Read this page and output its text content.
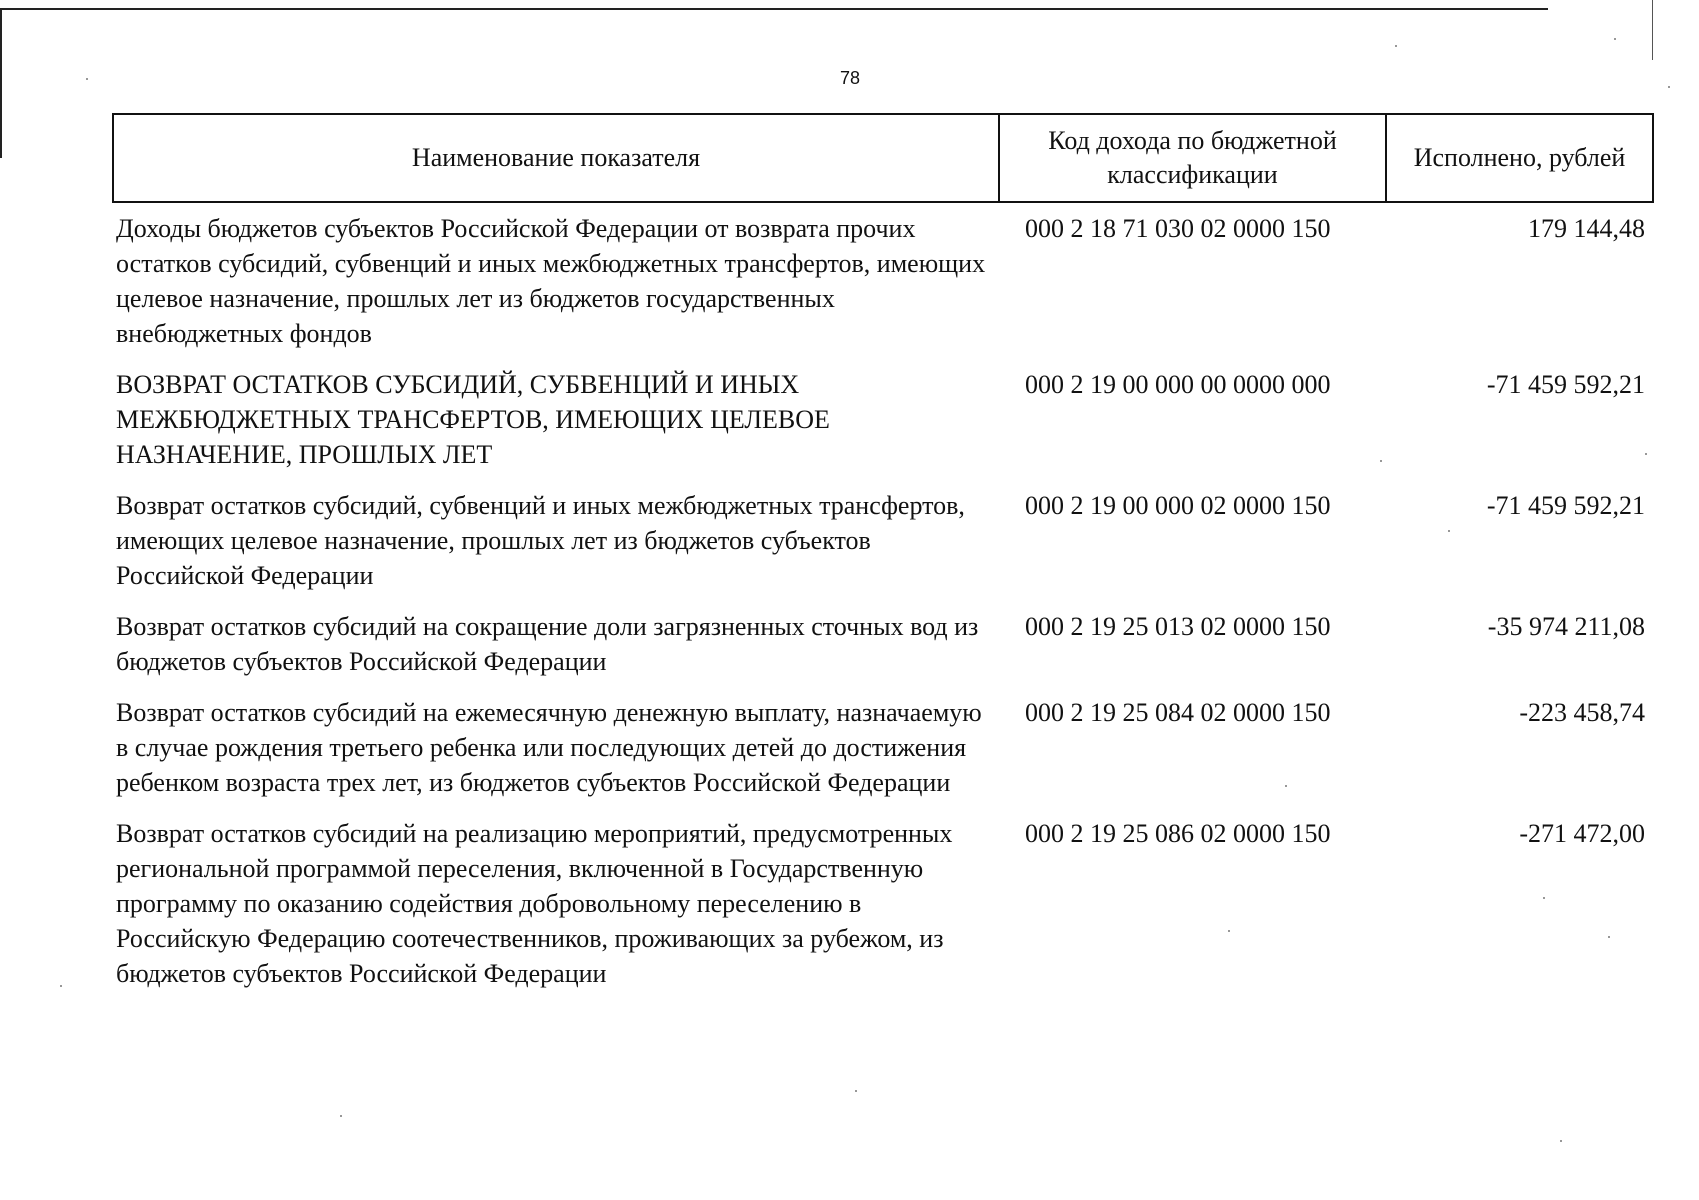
78
Наименование показателя	Код дохода по бюджетной классификации	Исполнено, рублей
Доходы бюджетов субъектов Российской Федерации от возврата прочих остатков субсидий, субвенций и иных межбюджетных трансфертов, имеющих целевое назначение, прошлых лет из бюджетов государственных внебюджетных фондов	000 2 18 71 030 02 0000 150	179 144,48
ВОЗВРАТ ОСТАТКОВ СУБСИДИЙ, СУБВЕНЦИЙ И ИНЫХ МЕЖБЮДЖЕТНЫХ ТРАНСФЕРТОВ, ИМЕЮЩИХ ЦЕЛЕВОЕ НАЗНАЧЕНИЕ, ПРОШЛЫХ ЛЕТ	000 2 19 00 000 00 0000 000	-71 459 592,21
Возврат остатков субсидий, субвенций и иных межбюджетных трансфертов, имеющих целевое назначение, прошлых лет из бюджетов субъектов Российской Федерации	000 2 19 00 000 02 0000 150	-71 459 592,21
Возврат остатков субсидий на сокращение доли загрязненных сточных вод из бюджетов субъектов Российской Федерации	000 2 19 25 013 02 0000 150	-35 974 211,08
Возврат остатков субсидий на ежемесячную денежную выплату, назначаемую в случае рождения третьего ребенка или последующих детей до достижения ребенком возраста трех лет, из бюджетов субъектов Российской Федерации	000 2 19 25 084 02 0000 150	-223 458,74
Возврат остатков субсидий на реализацию мероприятий, предусмотренных региональной программой переселения, включенной в Государственную программу по оказанию содействия добровольному переселению в Российскую Федерацию соотечественников, проживающих за рубежом, из бюджетов субъектов Российской Федерации	000 2 19 25 086 02 0000 150	-271 472,00
